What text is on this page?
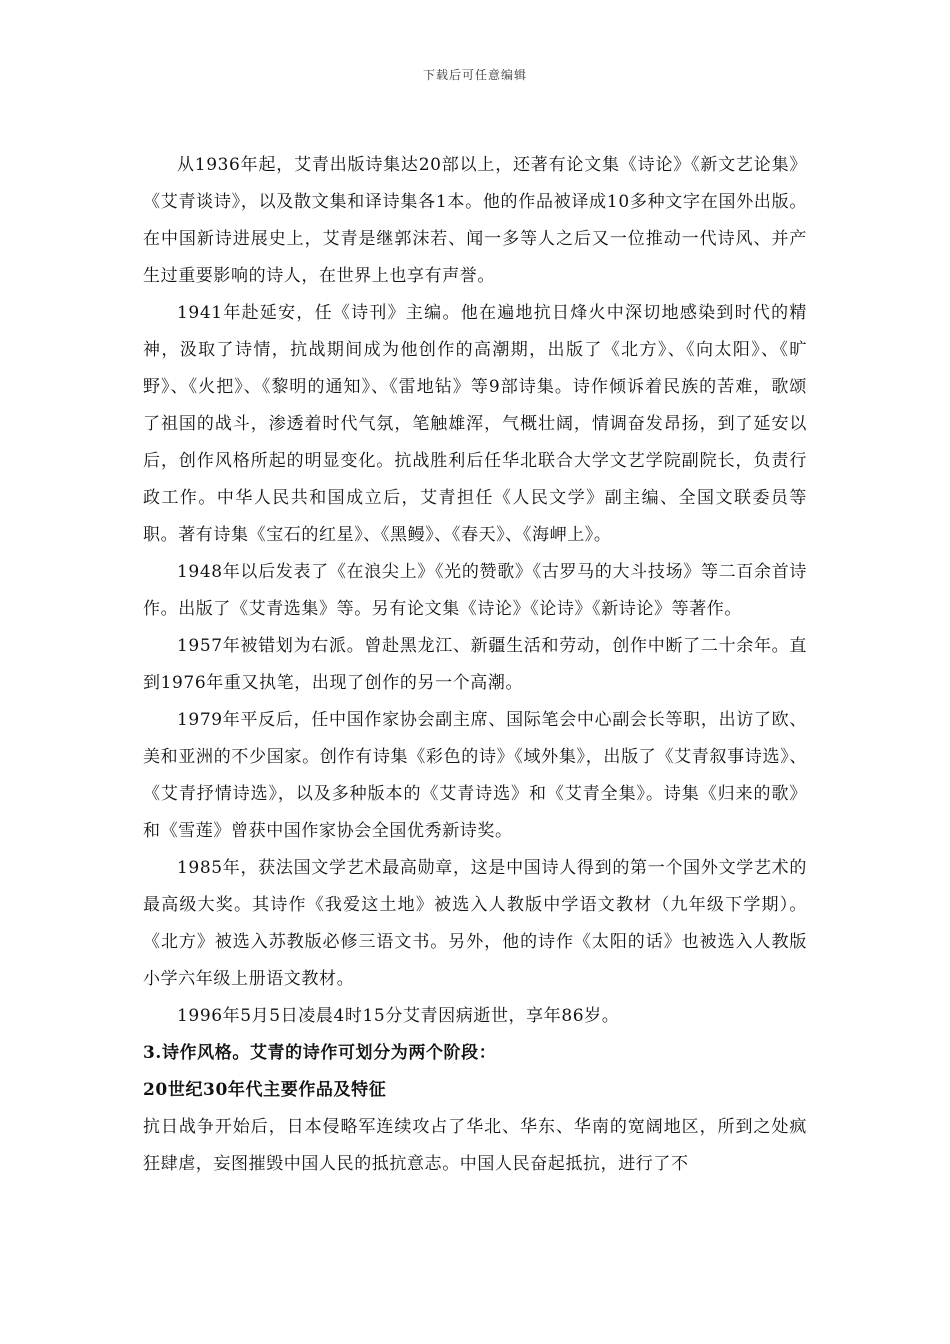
下载后可任意编辑

从1936年起，艾青出版诗集达20部以上，还著有论文集《诗论》《新文艺论集》《艾青谈诗》，以及散文集和译诗集各1本。他的作品被译成10多种文字在国外出版。在中国新诗进展史上，艾青是继郭沫若、闻一多等人之后又一位推动一代诗风、并产生过重要影响的诗人，在世界上也享有声誉。

1941年赴延安，任《诗刊》主编。他在遍地抗日烽火中深切地感染到时代的精神，汲取了诗情，抗战期间成为他创作的高潮期，出版了《北方》、《向太阳》、《旷野》、《火把》、《黎明的通知》、《雷地钻》等9部诗集。诗作倾诉着民族的苦难，歌颂了祖国的战斗，渗透着时代气氛，笔触雄浑，气概壮阔，情调奋发昂扬，到了延安以后，创作风格所起的明显变化。抗战胜利后任华北联合大学文艺学院副院长，负责行政工作。中华人民共和国成立后，艾青担任《人民文学》副主编、全国文联委员等职。著有诗集《宝石的红星》、《黑鳗》、《春天》、《海岬上》。

1948年以后发表了《在浪尖上》《光的赞歌》《古罗马的大斗技场》等二百余首诗作。出版了《艾青选集》等。另有论文集《诗论》《论诗》《新诗论》等著作。

1957年被错划为右派。曾赴黑龙江、新疆生活和劳动，创作中断了二十余年。直到1976年重又执笔，出现了创作的另一个高潮。

1979年平反后，任中国作家协会副主席、国际笔会中心副会长等职，出访了欧、美和亚洲的不少国家。创作有诗集《彩色的诗》《域外集》，出版了《艾青叙事诗选》、《艾青抒情诗选》，以及多种版本的《艾青诗选》和《艾青全集》。诗集《归来的歌》和《雪莲》曾获中国作家协会全国优秀新诗奖。

1985年，获法国文学艺术最高勋章，这是中国诗人得到的第一个国外文学艺术的最高级大奖。其诗作《我爱这土地》被选入人教版中学语文教材（九年级下学期）。《北方》被选入苏教版必修三语文书。另外，他的诗作《太阳的话》也被选入人教版小学六年级上册语文教材。

1996年5月5日凌晨4时15分艾青因病逝世，享年86岁。

3.诗作风格。艾青的诗作可划分为两个阶段：

20世纪30年代主要作品及特征

抗日战争开始后，日本侵略军连续攻占了华北、华东、华南的宽阔地区，所到之处疯狂肆虐，妄图摧毁中国人民的抵抗意志。中国人民奋起抵抗，进行了不
